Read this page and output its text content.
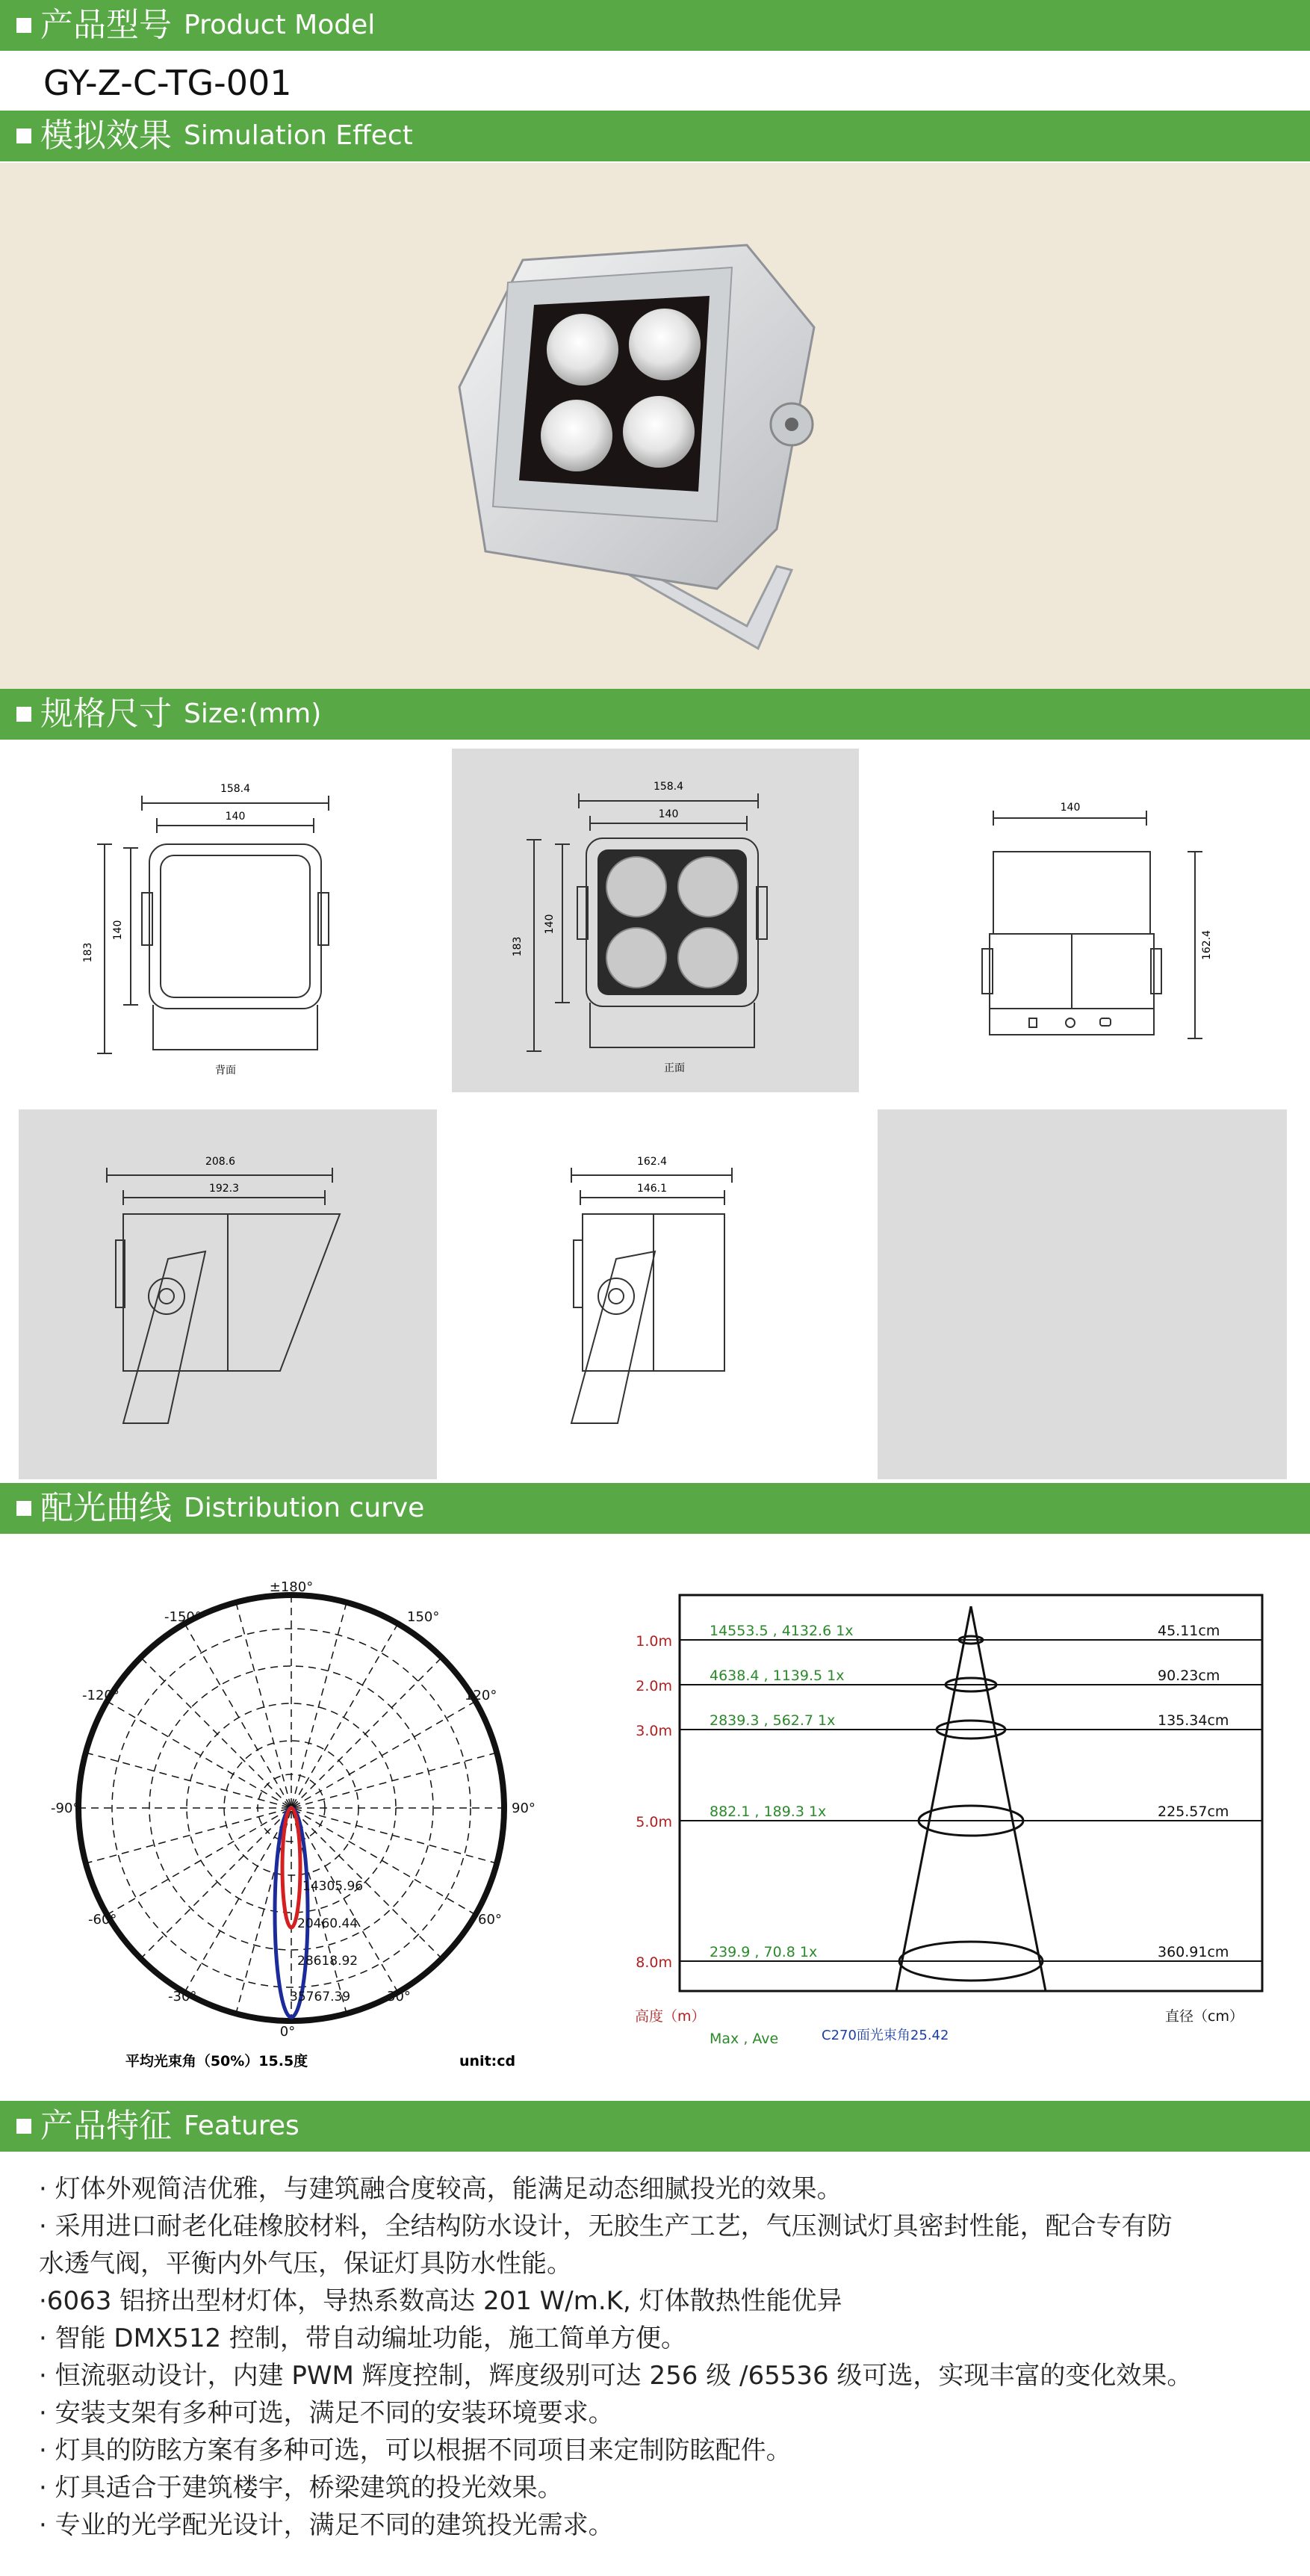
产品型号 Product Model
GY-Z-C-TG-001
模拟效果 Simulation Effect
规格尺寸 Size:(mm)
158.4
140
183
140
背面
158.4
140
183
140
正面
140
162.4
208.6
192.3
162.4
146.1
配光曲线 Distribution curve
±180°
150°
120°
90°
60°
30°
0°
-30°
-60°
-90°
-120°
-150°
14305.96
20460.44
28618.92
35767.39
平均光束角（50%）15.5度	unit:cd
14553.5 , 4132.6 1x
4638.4 , 1139.5 1x
2839.3 , 562.7 1x
882.1 , 189.3 1x
239.9 , 70.8 1x
1.0m
2.0m
3.0m
5.0m
8.0m
45.11cm
90.23cm
135.34cm
225.57cm
360.91cm
高度（m）	直径（cm）
Max , Ave	C270面光束角25.42
产品特征 Features
· 灯体外观简洁优雅，与建筑融合度较高，能满足动态细腻投光的效果。
· 采用进口耐老化硅橡胶材料，全结构防水设计，无胶生产工艺，气压测试灯具密封性能，配合专有防
水透气阀，平衡内外气压，保证灯具防水性能。
·6063 铝挤出型材灯体，导热系数高达 201 W/m.K, 灯体散热性能优异
· 智能 DMX512 控制，带自动编址功能，施工简单方便。
· 恒流驱动设计，内建 PWM 辉度控制，辉度级别可达 256 级 /65536 级可选，实现丰富的变化效果。
· 安装支架有多种可选，满足不同的安装环境要求。
· 灯具的防眩方案有多种可选，可以根据不同项目来定制防眩配件。
· 灯具适合于建筑楼宇，桥梁建筑的投光效果。
· 专业的光学配光设计，满足不同的建筑投光需求。
